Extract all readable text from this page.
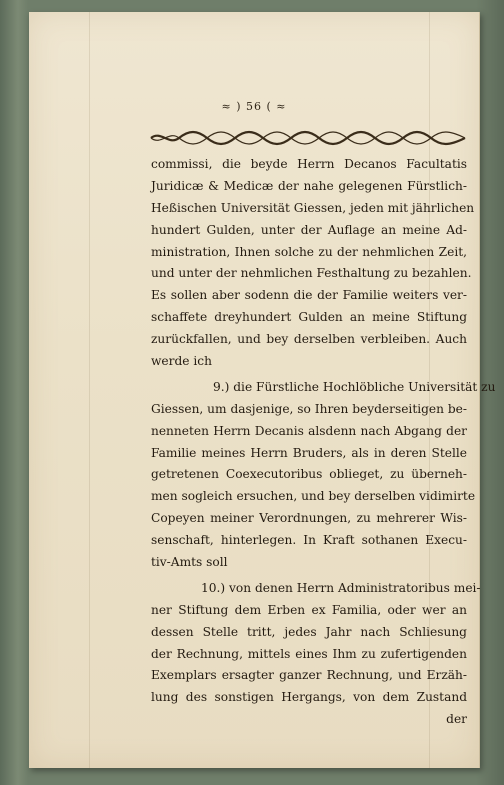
≈ ) 56 ( ≈
commissi, die beyde Herrn Decanos Facultatis
Juridicæ & Medicæ der nahe gelegenen Fürstlich-
Heßischen Universität Giessen, jeden mit jährlichen
hundert Gulden, unter der Auflage an meine Ad-
ministration, Ihnen solche zu der nehmlichen Zeit,
und unter der nehmlichen Festhaltung zu bezahlen.
Es sollen aber sodenn die der Familie weiters ver-
schaffete dreyhundert Gulden an meine Stiftung
zurückfallen, und bey derselben verbleiben. Auch
werde ich
9.) die Fürstliche Hochlöbliche Universität zu
Giessen, um dasjenige, so Ihren beyderseitigen be-
nenneten Herrn Decanis alsdenn nach Abgang der
Familie meines Herrn Bruders, als in deren Stelle
getretenen Coexecutoribus oblieget, zu überneh-
men sogleich ersuchen, und bey derselben vidimirte
Copeyen meiner Verordnungen, zu mehrerer Wis-
senschaft, hinterlegen. In Kraft sothanen Execu-
tiv-Amts soll
10.) von denen Herrn Administratoribus mei-
ner Stiftung dem Erben ex Familia, oder wer an
dessen Stelle tritt, jedes Jahr nach Schliesung
der Rechnung, mittels eines Ihm zu zufertigenden
Exemplars ersagter ganzer Rechnung, und Erzäh-
lung des sonstigen Hergangs, von dem Zustand
der
